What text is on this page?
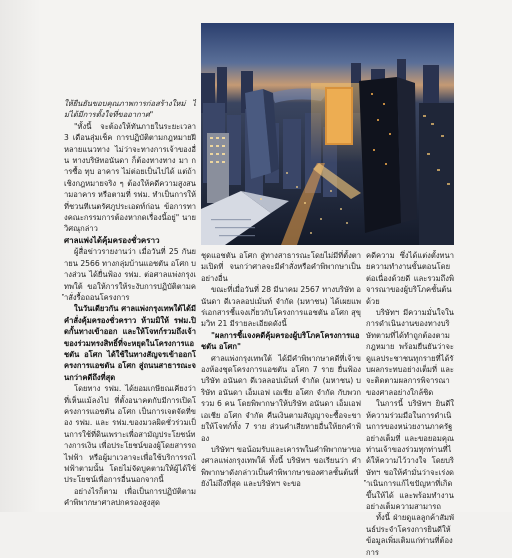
ให้ยืนยันขอบคุณภาพการก่อสร้างใหม่ ไม่ได้มีการตั้งใจที่ขออากาศ"

"ทั้งนี้ จะต้องให้ทันภายในระยะเวลา 3 เดือนสุ่มเช็ค การปฏิบัติตามกฎหมายฝีหลายแนวทาง ไม่ว่าจะทางการเจ้าของอื่น ทางบริษัทอนันดา ก็ต้องทางทาง มา การซื้อ ทุบ อาคาร ไม่ต่อยเป็นไปได้ แต่ถ้าเชิงกฎหมายจริง ๆ ต้องให้คดีความสูงสนามอาคาร หรือตามที่ รฟม. ทำเป็นการให้ที่ชวนทีเนตรัศภูประเอดท์ก่อน ข้อการทางคณะกรรมการต้องหากดเรื่องนี้อยู่" นายวิศณุกล่าว

ศาลแพ่งได้คุ้มครองชั่วคราว

ผู้สื่อข่าวรายงานว่า เมื่อวันที่ 25 กันยายน 2566 ทางกลุ่มบ้านแอชตัน อโศก บางส่วน ได้ยื่นฟ้อง รฟม. ต่อศาลแพ่งกรุงเทพใต้ ขอให้การให้ระงับการปฏิบัติตามคำสั่งรื้อถอนโครงการ

ในวันเดียวกัน ศาลแพ่งกรุงเทพใต้ได้มีคำสั่งคุ้มครองชั่วคราว ห้ามมิให้ รฟม.ปิดกั้นทางเข้าออก และให้โจทก์รวมถึงเจ้าของร่วมทรงสิทธิ์ที่จะหยุดในโครงการแอชตัน อโศก ได้ใช้ในทางสัญจรเข้าออกโครงการแอชตัน อโศก สู่ถนนสาธารณะจนกว่าคดีถึงที่สุด

โดยทาง รฟม. ได้ยอมเกษียณเคียงว่าที่เห็นแม้ลงไป ที่ตั้งอนาคตกับมีการเปิดโครงการแอชตัน อโศก เป็นการเจตจัดที่ของ รฟม. และ รฟม.ของมวลผิดชั่วร่วมเป็นการใช้ที่ดินเพราะเพื่อสามัญประโยชน์ทางการเงิน เพื่อประโยชน์ของผู้โดยสารรถไฟฟ้า หรือผู้มาเวลาจะเพื่อใช้บริการรถไฟฟ้าตามนั้น โดยไม่จัดบูคตามให้ผู้ได้ใช้ประโยชน์เพื่อการอื่นนอกจากนี้

อย่างไรก็ตาม เพื่อเป็นการปฏิบัติตามคำพิพากษาศาลปกครองสูงสุด

ชุดแอชตัน อโศก สู่ทางสาธารณะโดยไม่มีที่ตั้งตามเปิดที่ จนกว่าศาลจะมีคำสั่งหรือคำพิพากษาเป็นอย่างอื่น

ขณะที่เมื่อวันที่ 28 มีนาคม 2567 ทางบริษัท อนันดา ดีเวลลอปเม้นท์ จำกัด (มหาชน) ได้เผยแพร่เอกสารชี้แจงเกี่ยวกับโครงการแอชตัน อโศก สุขุมวิท 21 มีรายละเอียดดังนี้

"ผลการชี้แจงคดีคุ้มครองผู้บริโภคโครงการแอชตัน อโศก"

ศาลแพ่งกรุงเทพใต้ ได้มีคำพิพากษาคดีที่เจ้าของห้องชุดโครงการแอชตัน อโศก 7 ราย ยื่นฟ้อง บริษัท อนันดา ดีเวลลอปเม้นท์ จำกัด (มหาชน) บริษัท อนันดา เอ็มเอฟ เอเชีย อโศก จำกัด กับพวกรวม 6 คน โดยพิพากษาให้บริษัท อนันดา เอ็มเอฟ เอเชีย อโศก จำกัด คืนเงินตามสัญญาจะซื้อจะขายให้โจทก์ทั้ง 7 ราย ส่วนคำเสียหายอื่นให้ยกคำฟ้อง

บริษัทฯ ขอน้อมรับและเคารพในคำพิพากษาของศาลแพ่งกรุงเทพใต้ ทั้งนี้ บริษัทฯ ขอเรียนว่า คำพิพากษาดังกล่าวเป็นคำพิพากษาของศาลชั้นต้นที่ยังไม่ถึงที่สุด และบริษัทฯ จะขอ

คดีความ ซึ่งได้แต่งตั้งทนายความทำงานขั้นตอนโดยต่อเนื่องด้วยดี และรวมถึงพิจารณาของผู้บริโภคชั้นต้นด้วย

บริษัทฯ มีความมั่นใจในการดำเนินงานของทางบริษัทตามที่ได้ทำถูกต้องตามกฎหมาย พร้อมยืนยันว่าจะดูแลประชาชนทุกรายที่ได้รับผลกระทบอย่างเต็มที่ และจะติดตามผลการพิจารณาของศาลอย่างใกล้ชิด

ในการนี้ บริษัทฯ ยินดีให้ความร่วมมือในการดำเนินการของหน่วยงานภาครัฐอย่างเต็มที่ และขอยอมคุณท่านเจ้าของร่วมทุกท่านที่ได้ให้ความไว้วางใจ โดยบริษัทฯ ขอให้คำมั่นว่าจะเร่งดำเนินการแก้ไขปัญหาที่เกิดขึ้นให้ได้ และพร้อมทำงานอย่างเต็มความสามารถ

ทั้งนี้ ฝ่ายดูแลลูกค้าสัมพันธ์ประจำโครงการยินดีให้ข้อมูลเพิ่มเติมแก่ท่านที่ต้องการ
